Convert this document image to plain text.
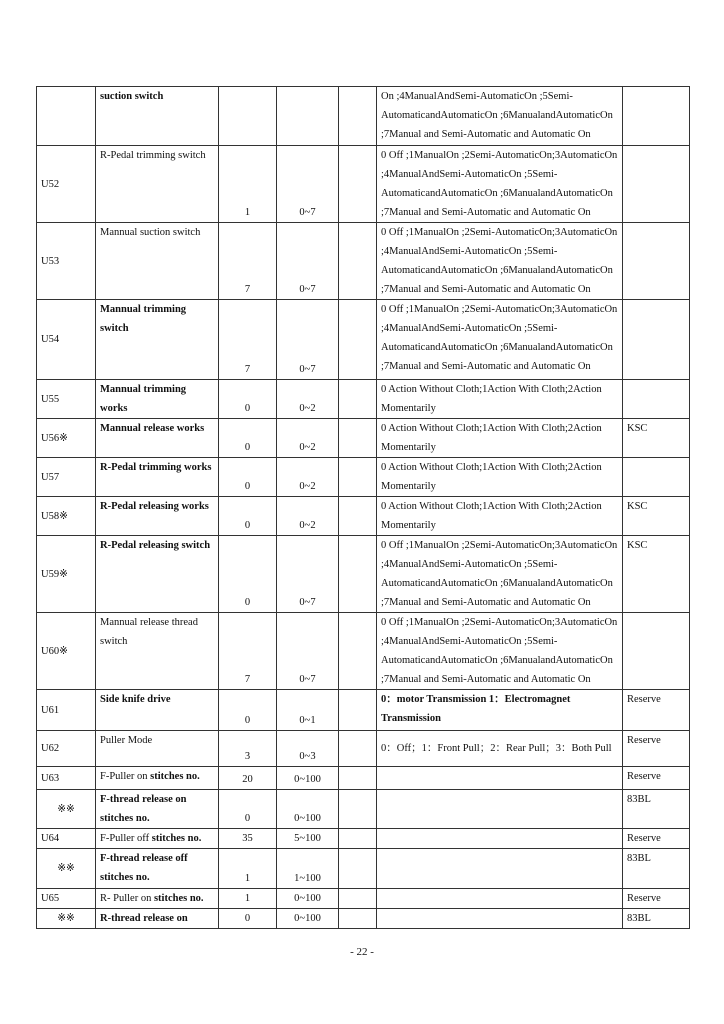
	suction switch				On ;4ManualAndSemi-AutomaticOn ;5Semi-AutomaticandAutomaticOn ;6ManualandAutomaticOn ;7Manual and Semi-Automatic and Automatic On	
U52	R-Pedal trimming switch	1	0~7		0 Off ;1ManualOn ;2Semi-AutomaticOn;3AutomaticOn ;4ManualAndSemi-AutomaticOn ;5Semi-AutomaticandAutomaticOn ;6ManualandAutomaticOn ;7Manual and Semi-Automatic and Automatic On	
U53	Mannual suction switch	7	0~7		0 Off ;1ManualOn ;2Semi-AutomaticOn;3AutomaticOn ;4ManualAndSemi-AutomaticOn ;5Semi-AutomaticandAutomaticOn ;6ManualandAutomaticOn ;7Manual and Semi-Automatic and Automatic On	
U54	Mannual trimming switch	7	0~7		0 Off ;1ManualOn ;2Semi-AutomaticOn;3AutomaticOn ;4ManualAndSemi-AutomaticOn ;5Semi-AutomaticandAutomaticOn ;6ManualandAutomaticOn ;7Manual and Semi-Automatic and Automatic On	
U55	Mannual trimming works	0	0~2		0 Action Without Cloth;1Action With Cloth;2Action Momentarily	
U56※	Mannual release works	0	0~2		0 Action Without Cloth;1Action With Cloth;2Action Momentarily	KSC
U57	R-Pedal trimming works	0	0~2		0 Action Without Cloth;1Action With Cloth;2Action Momentarily	
U58※	R-Pedal releasing works	0	0~2		0 Action Without Cloth;1Action With Cloth;2Action Momentarily	KSC
U59※	R-Pedal releasing switch	0	0~7		0 Off ;1ManualOn ;2Semi-AutomaticOn;3AutomaticOn ;4ManualAndSemi-AutomaticOn ;5Semi-AutomaticandAutomaticOn ;6ManualandAutomaticOn ;7Manual and Semi-Automatic and Automatic On	KSC
U60※	Mannual release thread switch	7	0~7		0 Off ;1ManualOn ;2Semi-AutomaticOn;3AutomaticOn ;4ManualAndSemi-AutomaticOn ;5Semi-AutomaticandAutomaticOn ;6ManualandAutomaticOn ;7Manual and Semi-Automatic and Automatic On	
U61	Side knife drive	0	0~1		0：motor Transmission 1：Electromagnet Transmission	Reserve
U62	Puller Mode	3	0~3		0：Off；1：Front Pull；2：Rear Pull；3：Both Pull	Reserve
U63	F-Puller on stitches no.	20	0~100			Reserve
※※	F-thread release on stitches no.	0	0~100			83BL
U64	F-Puller off stitches no.	35	5~100			Reserve
※※	F-thread release off stitches no.	1	1~100			83BL
U65	R- Puller on stitches no.	1	0~100			Reserve
※※	R-thread release on	0	0~100			83BL
- 22 -
